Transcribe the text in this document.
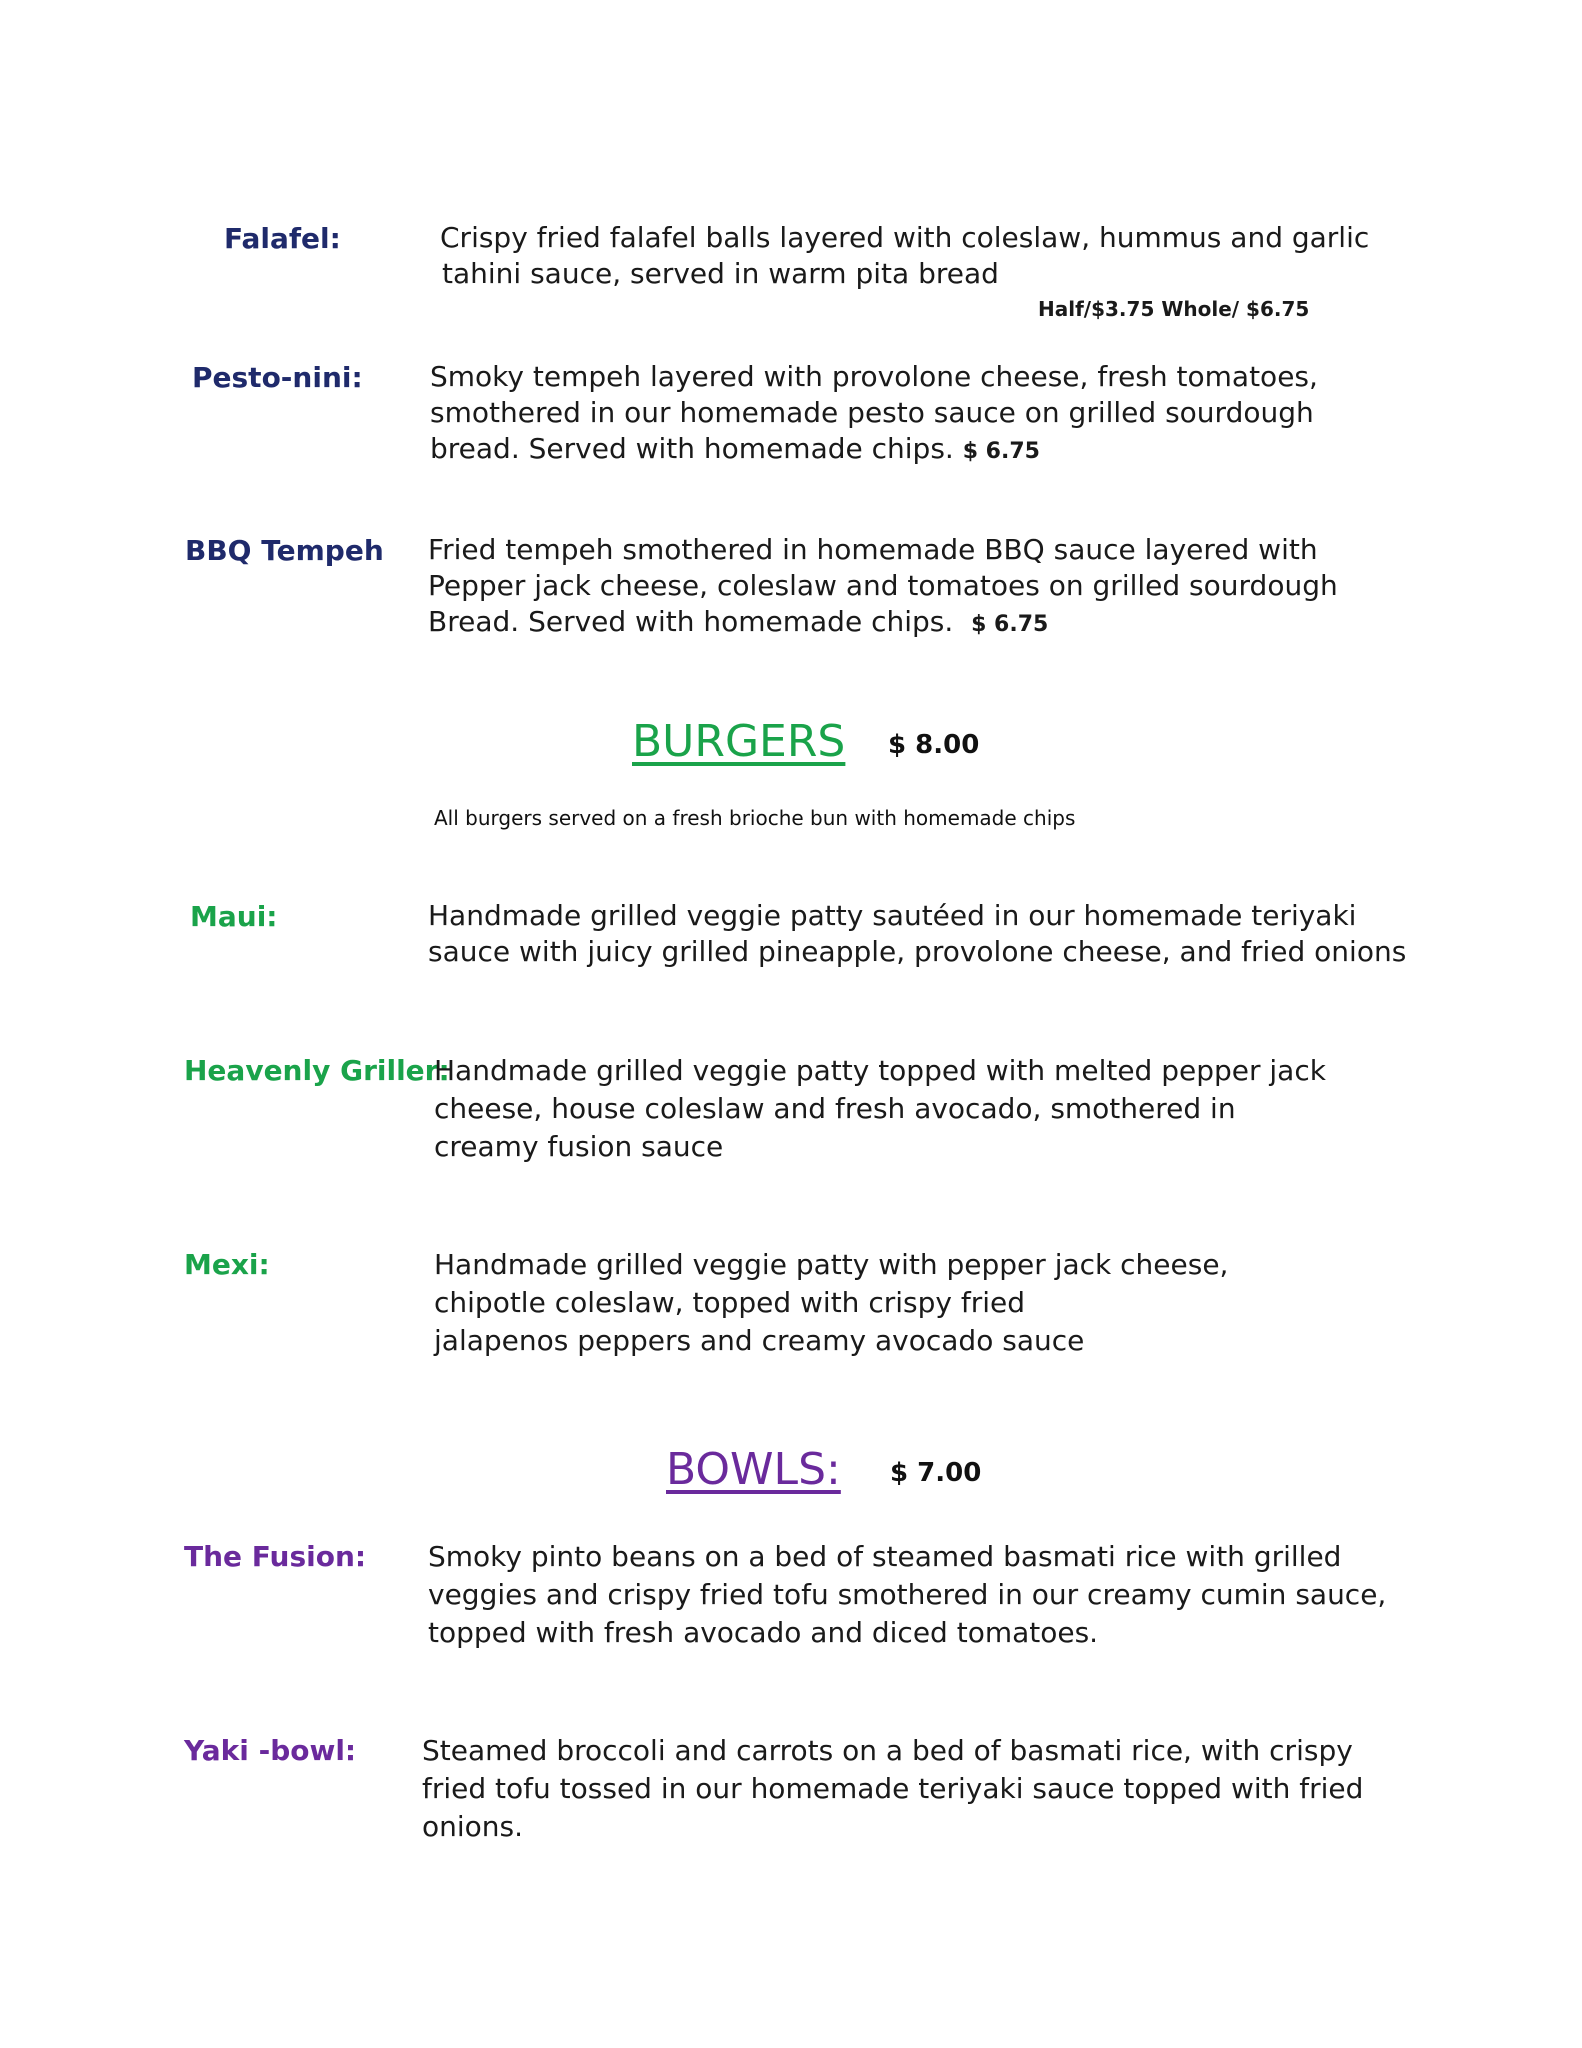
Falafel:	Crispy fried falafel balls layered with coleslaw, hummus and garlic
tahini sauce, served in warm pita bread
Half/$3.75 Whole/ $6.75
Pesto-nini: Smoky tempeh layered with provolone cheese, fresh tomatoes,
smothered in our homemade pesto sauce on grilled sourdough
bread. Served with homemade chips. $ 6.75
BBQ Tempeh Fried tempeh smothered in homemade BBQ sauce layered with
Pepper jack cheese, coleslaw and tomatoes on grilled sourdough
Bread. Served with homemade chips. $ 6.75
BURGERS $ 8.00
All burgers served on a fresh brioche bun with homemade chips
Maui:	Handmade grilled veggie patty sautéed in our homemade teriyaki
sauce with juicy grilled pineapple, provolone cheese, and fried onions
Heavenly Griller:
Handmade grilled veggie patty topped with melted pepper jack
cheese, house coleslaw and fresh avocado, smothered in
creamy fusion sauce
Mexi:	Handmade grilled veggie patty with pepper jack cheese,
chipotle coleslaw, topped with crispy fried
jalapenos peppers and creamy avocado sauce
BOWLS: $ 7.00
The Fusion: Smoky pinto beans on a bed of steamed basmati rice with grilled
veggies and crispy fried tofu smothered in our creamy cumin sauce,
topped with fresh avocado and diced tomatoes.
Yaki -bowl: Steamed broccoli and carrots on a bed of basmati rice, with crispy
fried tofu tossed in our homemade teriyaki sauce topped with fried
onions.
